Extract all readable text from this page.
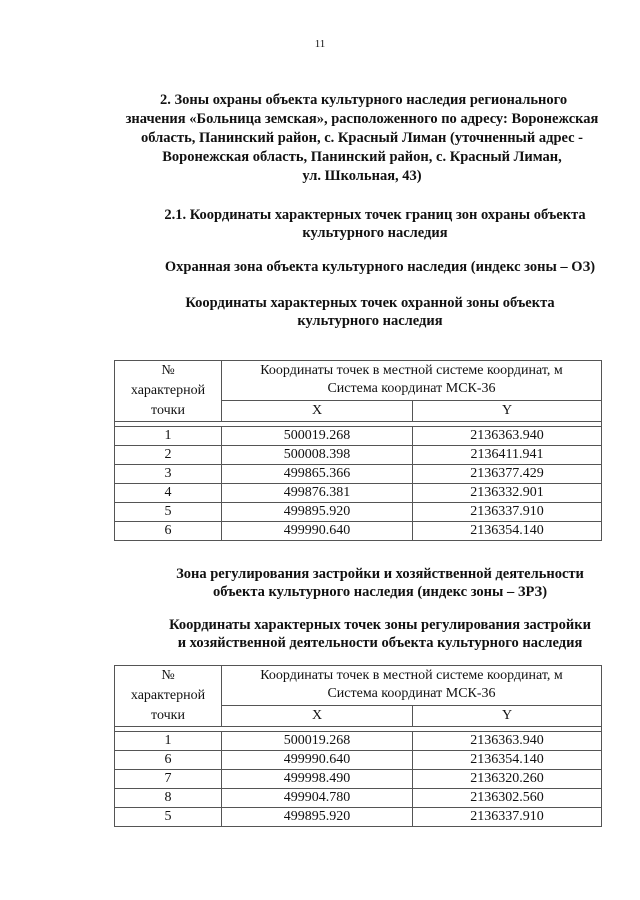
11
2. Зоны охраны объекта культурного наследия регионального
значения «Больница земская», расположенного по адресу: Воронежская
область, Панинский район, с. Красный Лиман (уточненный адрес -
Воронежская область, Панинский район, с. Красный Лиман,
ул. Школьная, 43)
2.1. Координаты характерных точек границ зон охраны объекта
культурного наследия
Охранная зона объекта культурного наследия (индекс зоны – ОЗ)
Координаты характерных точек охранной зоны объекта
культурного наследия
№
характерной
точки	Координаты точек в местной системе координат, м
Система координат МСК-36	
	X	Y

1	500019.268	2136363.940
2	500008.398	2136411.941
3	499865.366	2136377.429
4	499876.381	2136332.901
5	499895.920	2136337.910
6	499990.640	2136354.140
Зона регулирования застройки и хозяйственной деятельности
объекта культурного наследия (индекс зоны – ЗРЗ)
Координаты характерных точек зоны регулирования застройки
и хозяйственной деятельности объекта культурного наследия
№
характерной
точки	Координаты точек в местной системе координат, м
Система координат МСК-36	
	X	Y

1	500019.268	2136363.940
6	499990.640	2136354.140
7	499998.490	2136320.260
8	499904.780	2136302.560
5	499895.920	2136337.910
